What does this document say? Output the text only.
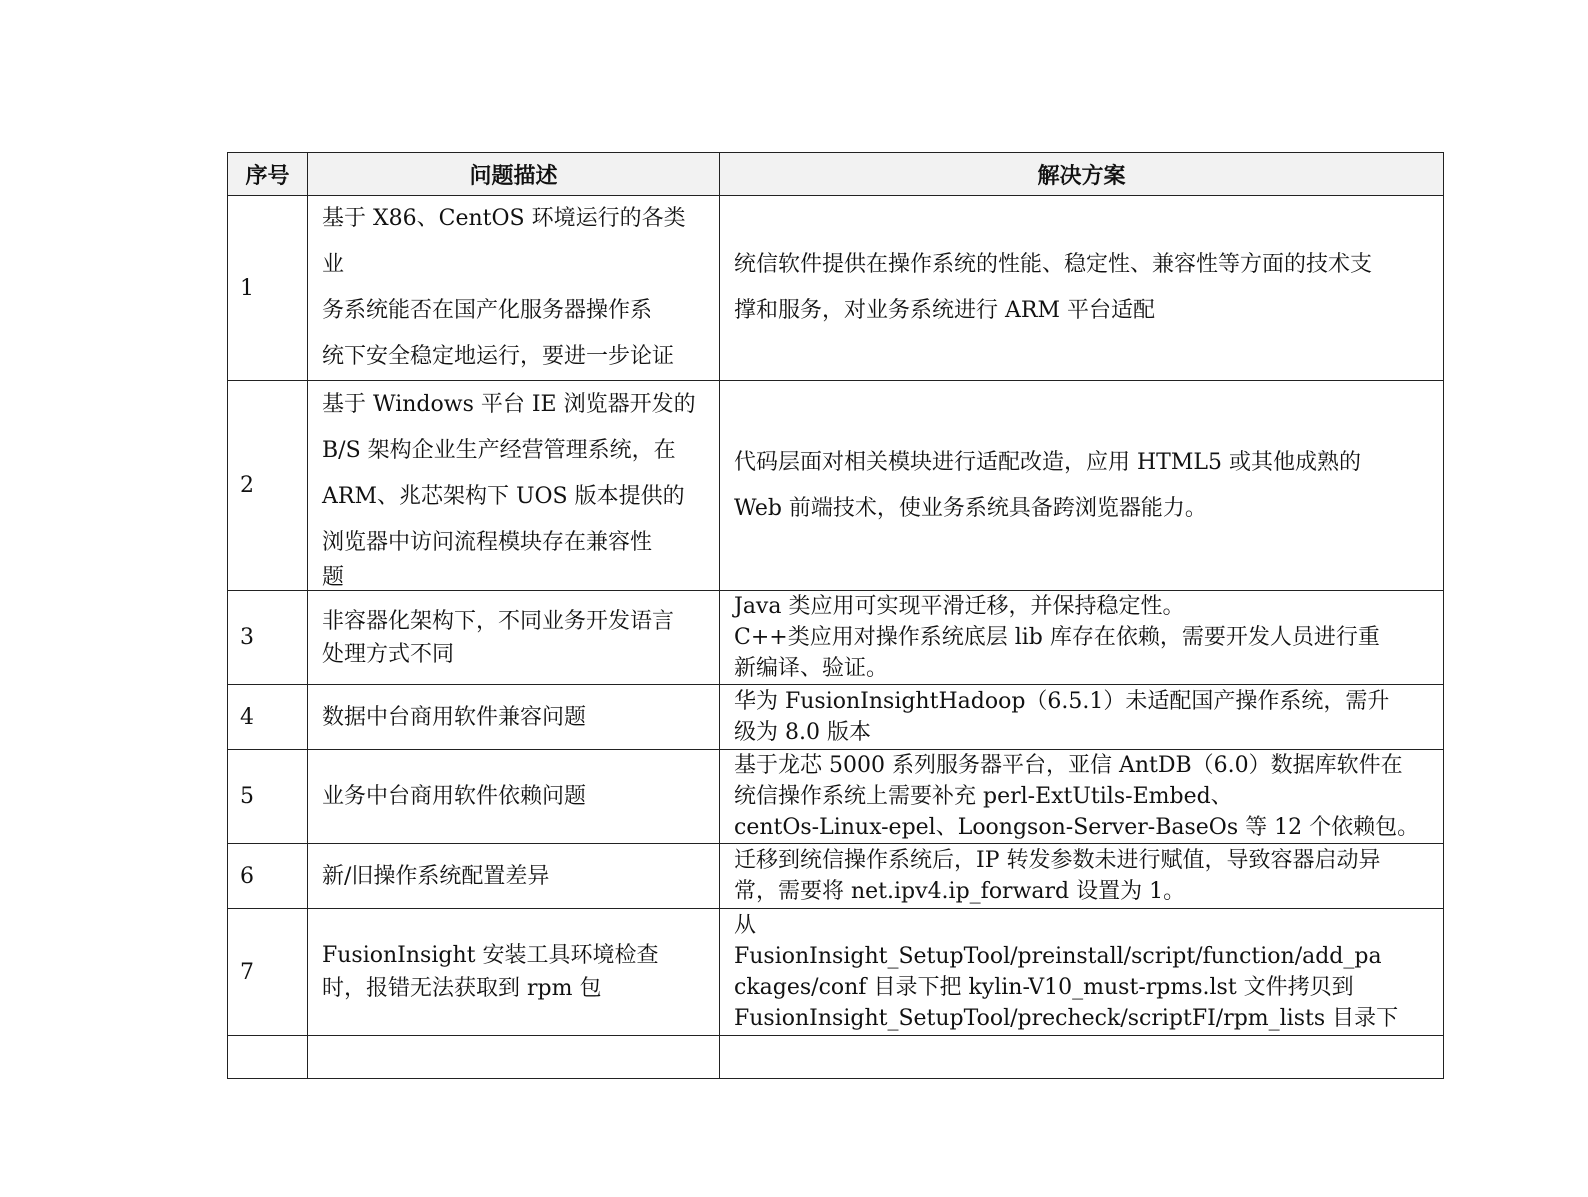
序号	问题描述	解决方案
1	基于 X86、CentOS 环境运行的各类业
务系统能否在国产化服务器操作系
统下安全稳定地运行，要进一步论证	统信软件提供在操作系统的性能、稳定性、兼容性等方面的技术支
撑和服务，对业务系统进行 ARM 平台适配

2	基于 Windows 平台 IE 浏览器开发的
B/S 架构企业生产经营管理系统，在
ARM、兆芯架构下 UOS 版本提供的
浏览器中访问流程模块存在兼容性
题	代码层面对相关模块进行适配改造，应用 HTML5 或其他成熟的
Web 前端技术，使业务系统具备跨浏览器能力。

3	非容器化架构下，不同业务开发语言
处理方式不同	Java 类应用可实现平滑迁移，并保持稳定性。
C++类应用对操作系统底层 lib 库存在依赖，需要开发人员进行重
新编译、验证。

4	数据中台商用软件兼容问题	华为 FusionInsightHadoop（6.5.1）未适配国产操作系统，需升
级为 8.0 版本

5	业务中台商用软件依赖问题	基于龙芯 5000 系列服务器平台，亚信 AntDB（6.0）数据库软件在
统信操作系统上需要补充 perl-ExtUtils-Embed、
centOs-Linux-epel、Loongson-Server-BaseOs 等 12 个依赖包。

6	新/旧操作系统配置差异	迁移到统信操作系统后，IP 转发参数未进行赋值，导致容器启动异
常，需要将 net.ipv4.ip_forward 设置为 1。

7	FusionInsight 安装工具环境检查
时，报错无法获取到 rpm 包	从
FusionInsight_SetupTool/preinstall/script/function/add_pa
ckages/conf 目录下把 kylin-V10_must-rpms.lst 文件拷贝到
FusionInsight_SetupTool/precheck/scriptFI/rpm_lists 目录下
